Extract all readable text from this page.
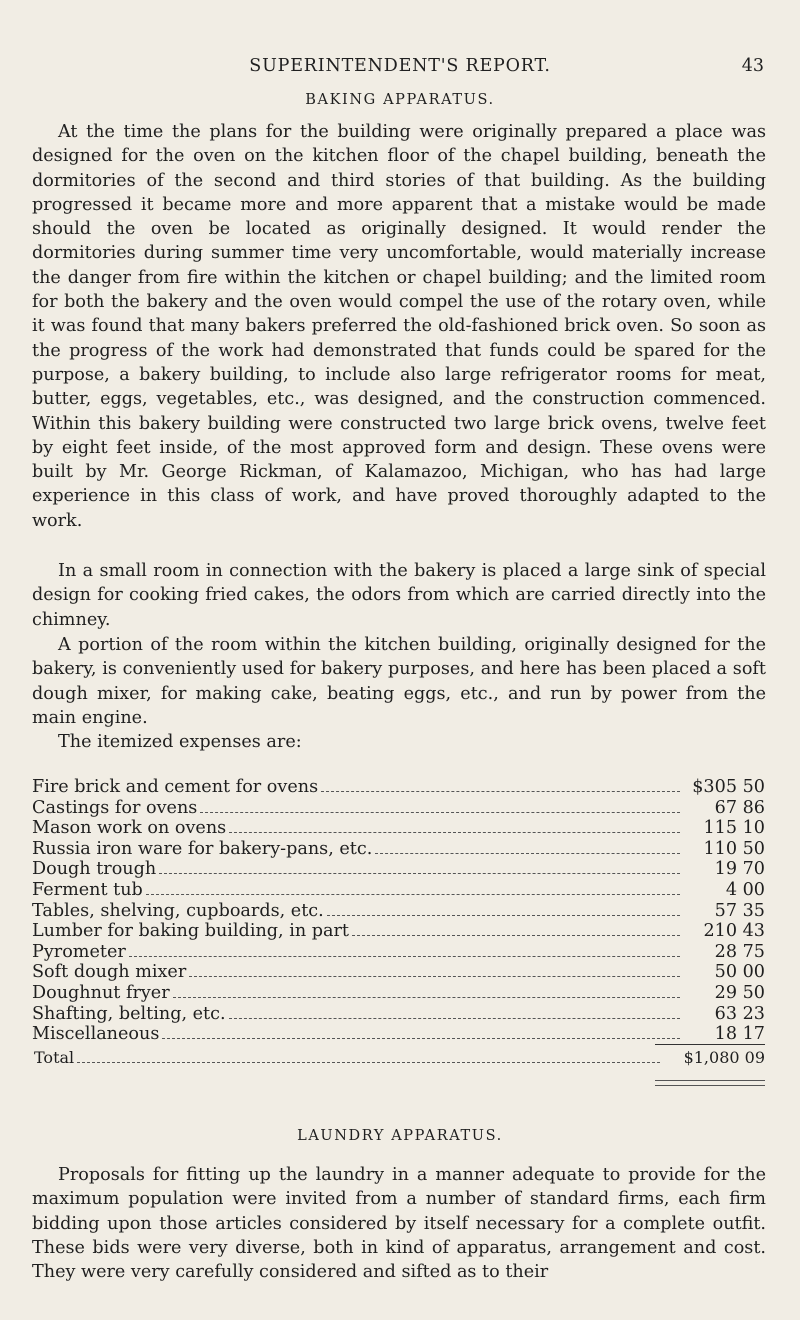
SUPERINTENDENT'S REPORT.	43
BAKING APPARATUS.

At the time the plans for the building were originally prepared a place was designed for the oven on the kitchen floor of the chapel building, beneath the dormitories of the second and third stories of that building. As the building progressed it became more and more apparent that a mistake would be made should the oven be located as originally designed. It would render the dormitories during summer time very uncomfortable, would materially increase the danger from fire within the kitchen or chapel building; and the limited room for both the bakery and the oven would compel the use of the rotary oven, while it was found that many bakers preferred the old-fashioned brick oven. So soon as the progress of the work had demonstrated that funds could be spared for the purpose, a bakery building, to include also large refrigerator rooms for meat, butter, eggs, vegetables, etc., was designed, and the construction commenced. Within this bakery building were constructed two large brick ovens, twelve feet by eight feet inside, of the most approved form and design. These ovens were built by Mr. George Rickman, of Kalamazoo, Michigan, who has had large experience in this class of work, and have proved thoroughly adapted to the work.

In a small room in connection with the bakery is placed a large sink of special design for cooking fried cakes, the odors from which are carried directly into the chimney.

A portion of the room within the kitchen building, originally designed for the bakery, is conveniently used for bakery purposes, and here has been placed a soft dough mixer, for making cake, beating eggs, etc., and run by power from the main engine.

The itemized expenses are:

Fire brick and cement for ovens	$305 50
Castings for ovens	67 86
Mason work on ovens	115 10
Russia iron ware for bakery-pans, etc.	110 50
Dough trough	19 70
Ferment tub	4 00
Tables, shelving, cupboards, etc.	57 35
Lumber for baking building, in part	210 43
Pyrometer	28 75
Soft dough mixer	50 00
Doughnut fryer	29 50
Shafting, belting, etc.	63 23
Miscellaneous	18 17
Total	$1,080 09
LAUNDRY APPARATUS.

Proposals for fitting up the laundry in a manner adequate to provide for the maximum population were invited from a number of standard firms, each firm bidding upon those articles considered by itself necessary for a complete outfit. These bids were very diverse, both in kind of apparatus, arrangement and cost. They were very carefully considered and sifted as to their
